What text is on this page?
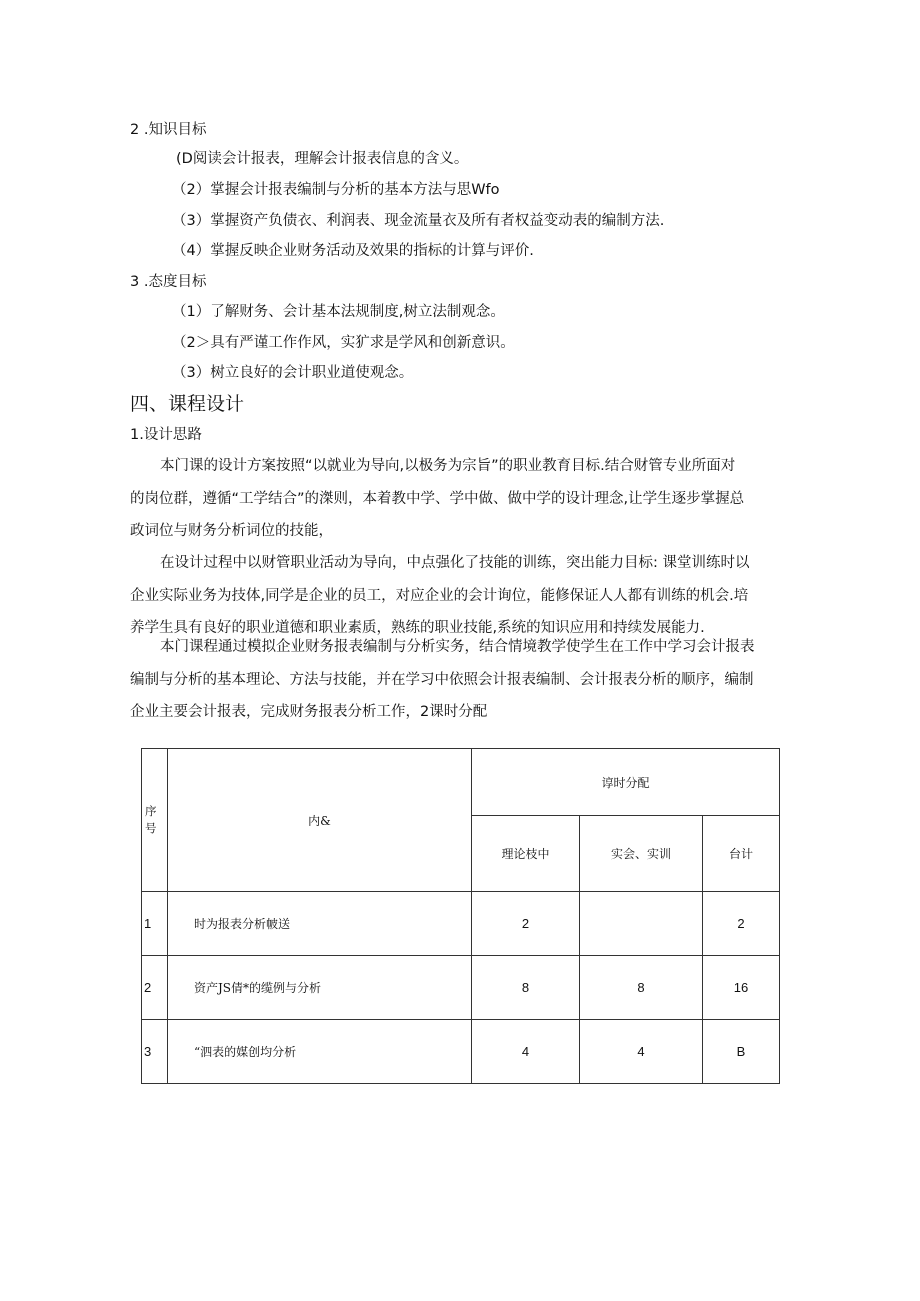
2 .知识目标
(D阅读会计报表，理解会计报表信息的含义。
（2）掌握会计报表编制与分析的基本方法与思Wfo
（3）掌握资产负债衣、利润表、现金流量衣及所有者权益变动表的编制方法.
（4）掌握反映企业财务活动及效果的指标的计算与评价.
3 .态度目标
（1）了解财务、会计基本法规制度,树立法制观念。
（2＞具有严谨工作作风，实犷求是学风和创新意识。
（3）树立良好的会计职业道使观念。
四、课程设计
1.设计思路
本门课的设计方案按照“以就业为导向,以极务为宗旨”的职业教育目标.结合财管专业所面对
的岗位群，遵循“工学结合”的滐则，本着教中学、学中做、做中学的设计理念,让学生逐步掌握总
政词位与财务分析词位的技能，
在设计过程中以财管职业活动为导向，中点强化了技能的训练，突出能力目标: 课堂训练时以
企业实际业务为技体,同学是企业的员工，对应企业的会计询位，能修保证人人都有训练的机会.培
养学生具有良好的职业道德和职业素质，熟练的职业技能,系统的知识应用和持续发展能力.
本门课程通过模拟企业财务报表编制与分析实务，结合情境教学使学生在工作中学习会计报表
编制与分析的基本理论、方法与技能，并在学习中依照会计报表编制、会计报表分析的顺序，编制
企业主要会计报表，完成财务报表分析工作，2课时分配
序
号	内&	谆时分配		
		理论枝中	实会、实训	台计
1	时为报表分析帔送	2		2
2	资产JS倩*的缆例与分析	8	8	16
3	“泗表的媒创均分析	4	4	B
